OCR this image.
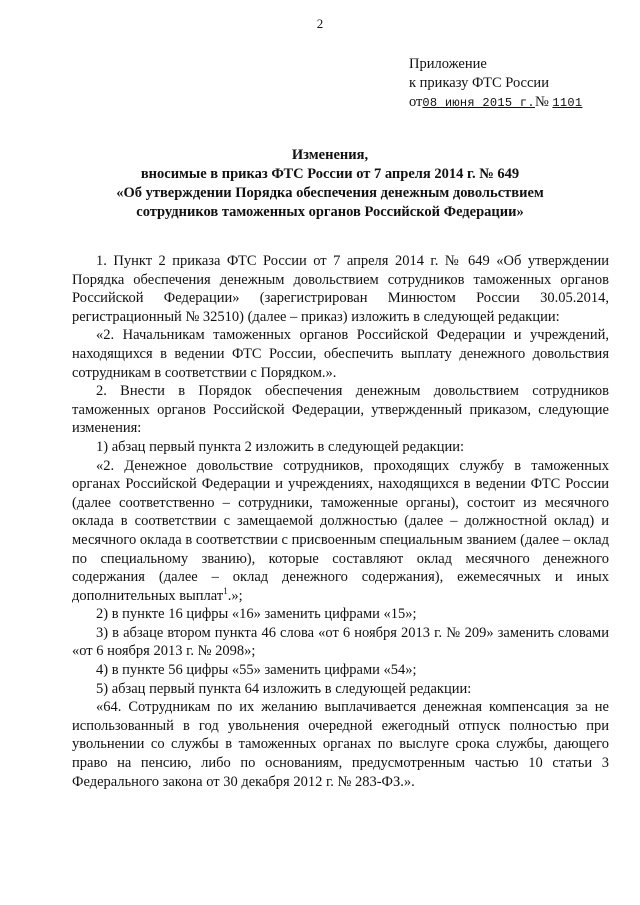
2
Приложение
к приказу ФТС России
от08 июня 2015 г.№ 1101
Изменения,
вносимые в приказ ФТС России от 7 апреля 2014 г. № 649
«Об утверждении Порядка обеспечения денежным довольствием
сотрудников таможенных органов Российской Федерации»

1. Пункт 2 приказа ФТС России от 7 апреля 2014 г. № 649 «Об утверждении Порядка обеспечения денежным довольствием сотрудников таможенных органов Российской Федерации» (зарегистрирован Минюстом России 30.05.2014, регистрационный № 32510) (далее – приказ) изложить в следующей редакции:

«2. Начальникам таможенных органов Российской Федерации и учреждений, находящихся в ведении ФТС России, обеспечить выплату денежного довольствия сотрудникам в соответствии с Порядком.».

2. Внести в Порядок обеспечения денежным довольствием сотрудников таможенных органов Российской Федерации, утвержденный приказом, следующие изменения:

1) абзац первый пункта 2 изложить в следующей редакции:

«2. Денежное довольствие сотрудников, проходящих службу в таможенных органах Российской Федерации и учреждениях, находящихся в ведении ФТС России (далее соответственно – сотрудники, таможенные органы), состоит из месячного оклада в соответствии с замещаемой должностью (далее – должностной оклад) и месячного оклада в соответствии с присвоенным специальным званием (далее – оклад по специальному званию), которые составляют оклад месячного денежного содержания (далее – оклад денежного содержания), ежемесячных и иных дополнительных выплат$^1$.»;

2) в пункте 16 цифры «16» заменить цифрами «15»;

3) в абзаце втором пункта 46 слова «от 6 ноября 2013 г. № 209» заменить словами «от 6 ноября 2013 г. № 2098»;

4) в пункте 56 цифры «55» заменить цифрами «54»;

5) абзац первый пункта 64 изложить в следующей редакции:

«64. Сотрудникам по их желанию выплачивается денежная компенсация за не использованный в год увольнения очередной ежегодный отпуск полностью при увольнении со службы в таможенных органах по выслуге срока службы, дающего право на пенсию, либо по основаниям, предусмотренным частью 10 статьи 3 Федерального закона от 30 декабря 2012 г. № 283-ФЗ.».
